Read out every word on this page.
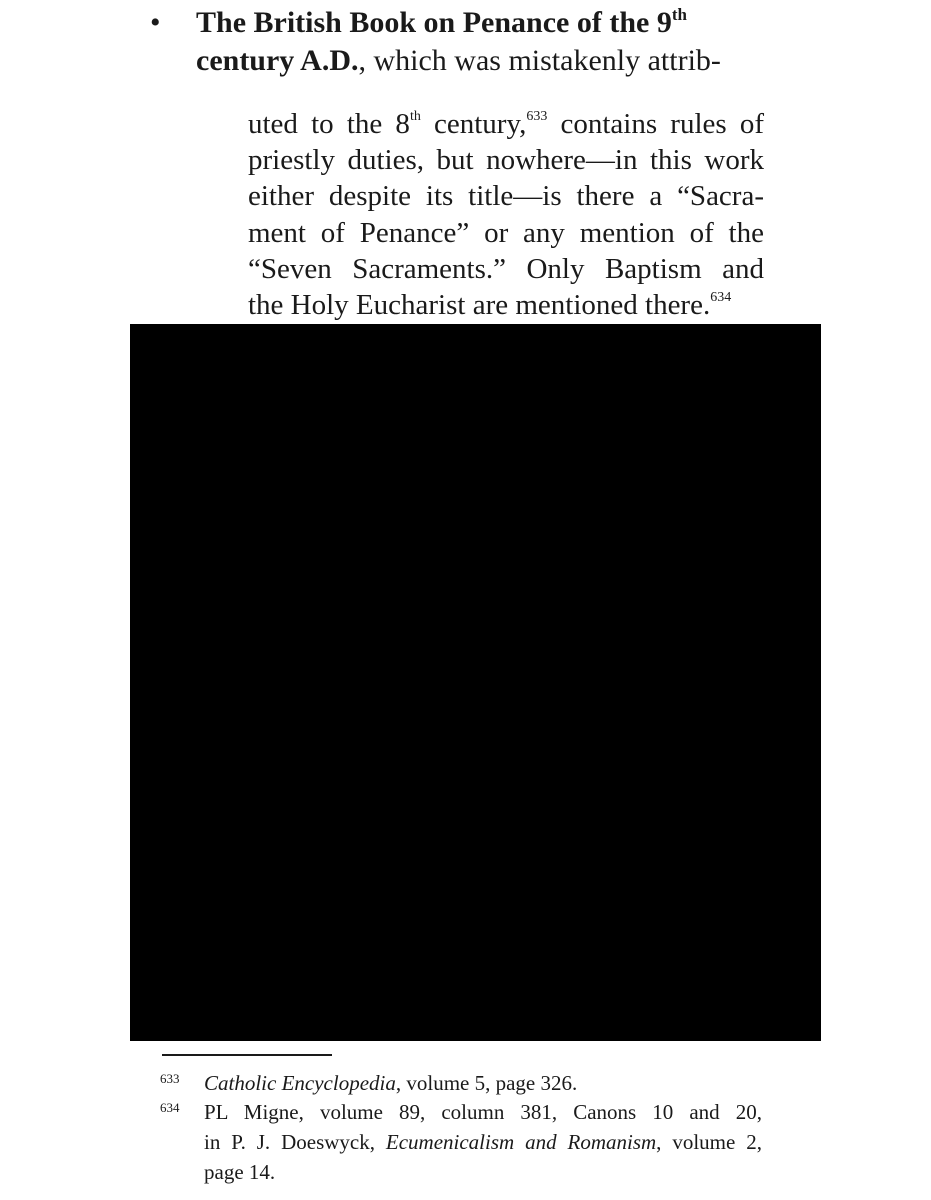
•	The British Book on Penance of the 9th
century A.D., which was mistakenly attrib-
uted to the 8th century,$^{633}$ contains rules of
priestly duties, but nowhere—in this work
either despite its title—is there a “Sacra-
ment of Penance” or any mention of the
“Seven Sacraments.” Only Baptism and
the Holy Eucharist are mentioned there.$^{634}$
633 Catholic Encyclopedia, volume 5, page 326.
634 PL Migne, volume 89, column 381, Canons 10 and 20,
in P. J. Doeswyck, Ecumenicalism and Romanism, volume 2,
page 14.
